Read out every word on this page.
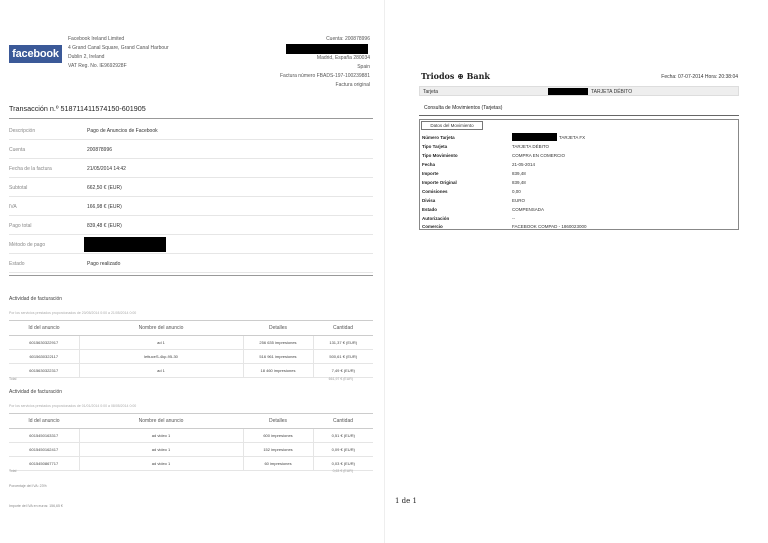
facebook
Facebook Ireland Limited
4 Grand Canal Square, Grand Canal Harbour
Dublin 2, Ireland
VAT Reg. No. IE9692928F
Cuenta: 200878996
Madrid, España 280034
Spain
Factura número FBADS-197-100239881
Factura original
Transacción n.º 518711411574150-601905
Descripción	Pago de Anuncios de Facebook
Cuenta	200878996
Fecha de la factura	21/05/2014 14:42
Subtotal	662,50 € (EUR)
IVA	166,98 € (EUR)
Pago total	839,48 € (EUR)
Método de pago
Estado	Pago realizado
Actividad de facturación
Por los servicios prestados proporcionados de 20/05/2014 0:00 a 21/05/2014 0:00
Id del anuncio	Nombre del anuncio	Detalles	Cantidad
6015630322917	ad 1	256 635 impresiones	131,37 € (EUR)
6015630322117	lettuceS-4kp-95-30	516 961 impresiones	500,61 € (EUR)
6015630322317	ad 1	18 460 impresiones	7,49 € (EUR)
Total	661,97 € (EUR)
Actividad de facturación
Por los servicios prestados proporcionados de 01/01/2014 0:00 a 08/05/2014 0:00
Id del anuncio	Nombre del anuncio	Detalles	Cantidad
6015450163317	ad video 1	600 impresiones	0,51 € (EUR)
6015450162417	ad video 1	152 impresiones	0,09 € (EUR)
6015450867717	ad video 1	60 impresiones	0,03 € (EUR)
Total	0,63 € (EUR)
Porcentaje del IVA: 23%
Importe del IVA en euros: 156,65 €
Triodos ⊕ Bank	Fecha: 07-07-2014 Hora: 20:38:04
Tarjeta	TARJETA DÉBITO
Consulta de Movimientos (Tarjetas)
Datos del Movimiento
Número Tarjeta	TARJETA FX
Tipo Tarjeta	TARJETA DÉBITO
Tipo Movimiento	COMPRA EN COMERCIO
Fecha	21-05-2014
Importe	839,48
Importe Original	839,48
Comisiones	0,00
Divisa	EURO
Estado	COMPENSADA
Autorización	--
Comercio	FACEBOOK COMPAD - 1860023000
1 de 1
